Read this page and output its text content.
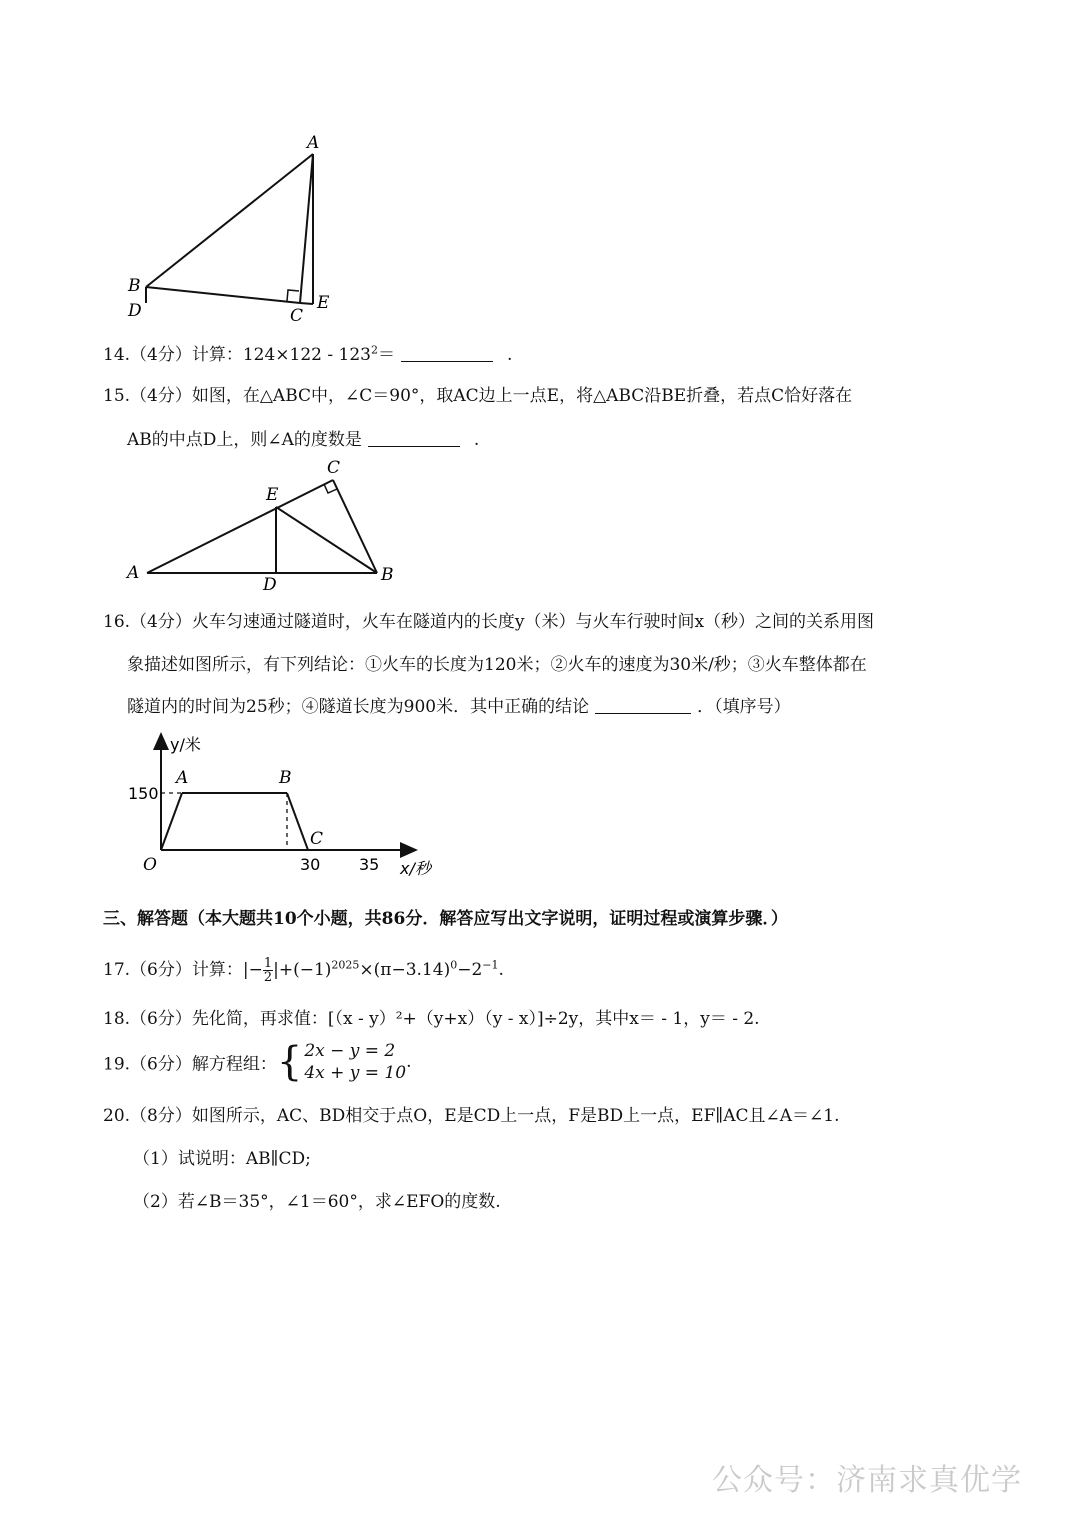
A
B
D	C
E
14.（4分）计算：$124\times 122 - 123^2=$	.
15.（4分）如图，在△ABC中，∠C＝90°，取AC边上一点E，将△ABC沿BE折叠，若点C恰好落在
AB的中点D上，则∠A的度数是	.
C
E
A
D	B
16.（4分）火车匀速通过隧道时，火车在隧道内的长度y（米）与火车行驶时间x（秒）之间的关系用图
象描述如图所示，有下列结论：①火车的长度为120米；②火车的速度为30米/秒；③火车整体都在
隧道内的时间为25秒；④隧道长度为900米．其中正确的结论	．（填序号）
A	B
C
y/米
x/秒
O
150
30 35
三、解答题（本大题共10个小题，共86分．解答应写出文字说明，证明过程或演算步骤．）
17.（6分）计算：|− $\frac{1}{2} |+(-1)^{2025}\times(\pi-3.14)^0-2^{-1}$.
18.（6分）先化简，再求值：[（x - y）²+（y+x）（y - x）]÷2y，其中x＝ - 1，y＝ - 2.
19.（6分）解方程组：{ 2x − y = 2
4x + y = 10
.
20.（8分）如图所示，AC、BD相交于点O，E是CD上一点，F是BD上一点，EF∥AC且∠A＝∠1.
（1）试说明：AB∥CD;
（2）若∠B＝35°，∠1＝60°，求∠EFO的度数.
公众号：济南求真优学
